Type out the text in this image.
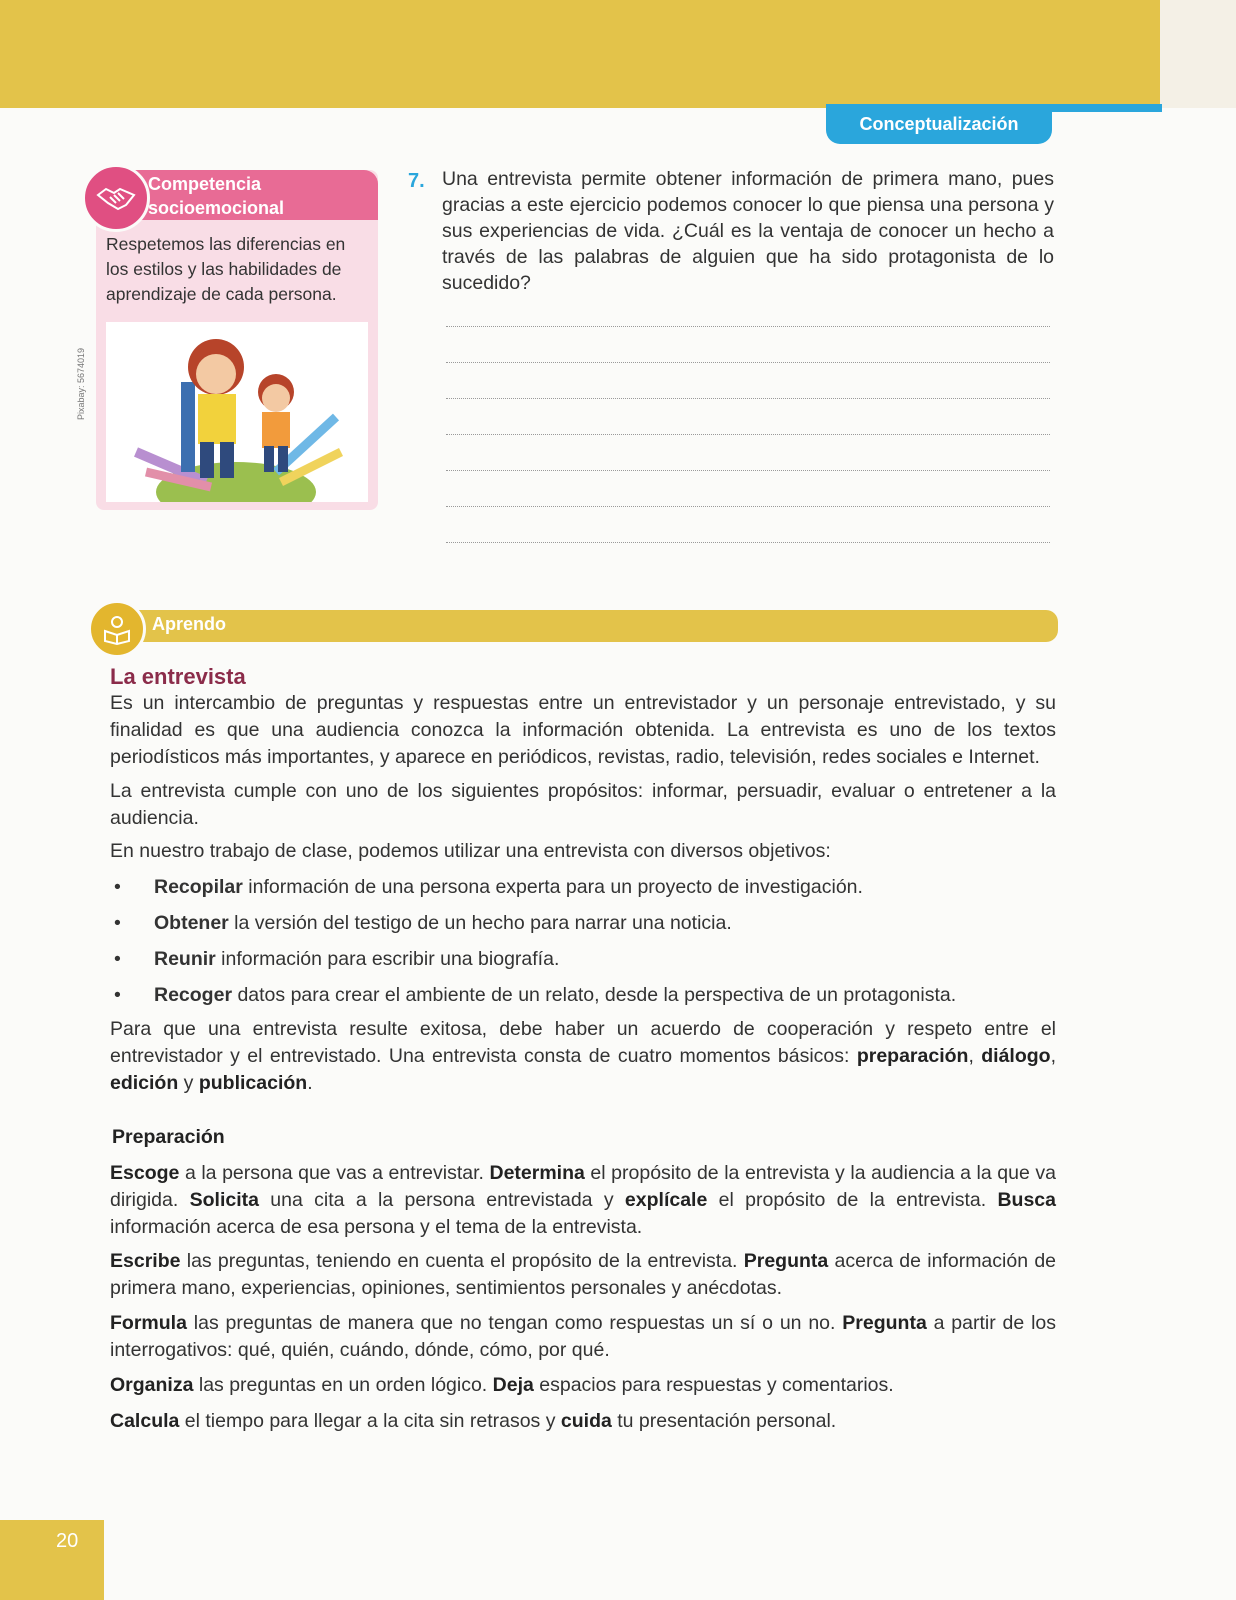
Conceptualización
Competencia
socioemocional
Respetemos las diferencias en los estilos y las habilidades de aprendizaje de cada persona.
Pixabay: 5674019
7. Una entrevista permite obtener información de primera mano, pues gracias a este ejercicio podemos conocer lo que piensa una persona y sus experiencias de vida. ¿Cuál es la ventaja de conocer un hecho a través de las palabras de alguien que ha sido protagonista de lo sucedido?
Aprendo
La entrevista
Es un intercambio de preguntas y respuestas entre un entrevistador y un personaje entrevistado, y su finalidad es que una audiencia conozca la información obtenida. La entrevista es uno de los textos periodísticos más importantes, y aparece en periódicos, revistas, radio, televisión, redes sociales e Internet.
La entrevista cumple con uno de los siguientes propósitos: informar, persuadir, evaluar o entretener a la audiencia.
En nuestro trabajo de clase, podemos utilizar una entrevista con diversos objetivos:
• Recopilar información de una persona experta para un proyecto de investigación.
• Obtener la versión del testigo de un hecho para narrar una noticia.
• Reunir información para escribir una biografía.
• Recoger datos para crear el ambiente de un relato, desde la perspectiva de un protagonista.
Para que una entrevista resulte exitosa, debe haber un acuerdo de cooperación y respeto entre el entrevistador y el entrevistado. Una entrevista consta de cuatro momentos básicos: preparación, diálogo, edición y publicación.
Preparación
Escoge a la persona que vas a entrevistar. Determina el propósito de la entrevista y la audiencia a la que va dirigida. Solicita una cita a la persona entrevistada y explícale el propósito de la entrevista. Busca información acerca de esa persona y el tema de la entrevista.
Escribe las preguntas, teniendo en cuenta el propósito de la entrevista. Pregunta acerca de información de primera mano, experiencias, opiniones, sentimientos personales y anécdotas.
Formula las preguntas de manera que no tengan como respuestas un sí o un no. Pregunta a partir de los interrogativos: qué, quién, cuándo, dónde, cómo, por qué.
Organiza las preguntas en un orden lógico. Deja espacios para respuestas y comentarios.
Calcula el tiempo para llegar a la cita sin retrasos y cuida tu presentación personal.
20
